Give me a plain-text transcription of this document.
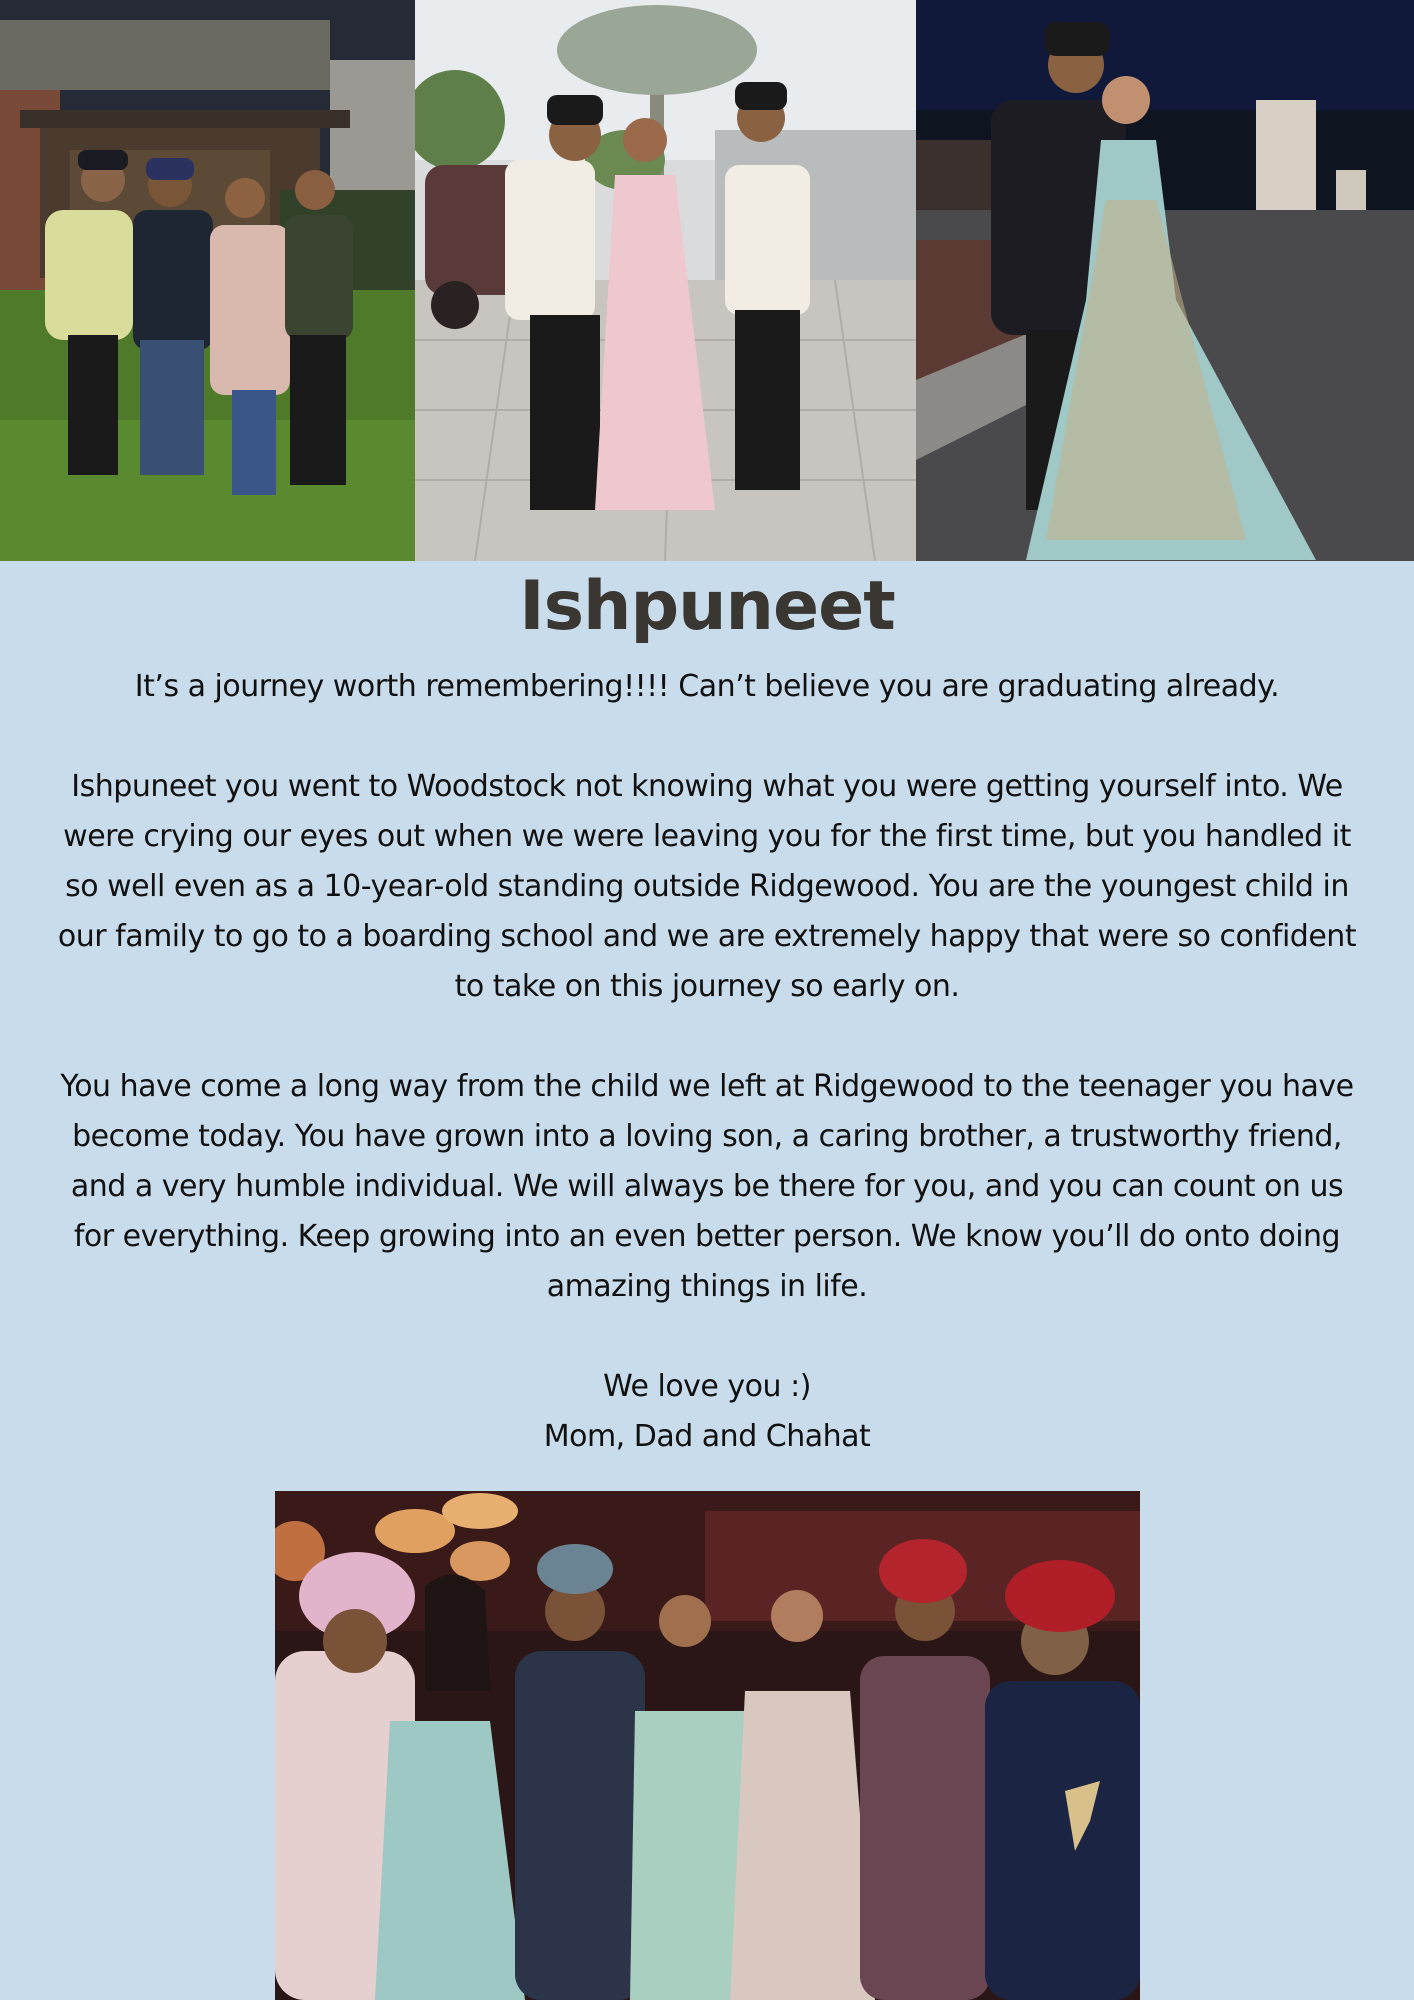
Ishpuneet

It’s a journey worth remembering!!!! Can’t believe you are graduating already.

Ishpuneet you went to Woodstock not knowing what you were getting yourself into. We were crying our eyes out when we were leaving you for the first time, but you handled it so well even as a 10-year-old standing outside Ridgewood. You are the youngest child in our family to go to a boarding school and we are extremely happy that were so confident to take on this journey so early on.

You have come a long way from the child we left at Ridgewood to the teenager you have become today. You have grown into a loving son, a caring brother, a trustworthy friend, and a very humble individual. We will always be there for you, and you can count on us for everything. Keep growing into an even better person. We know you’ll do onto doing amazing things in life.

We love you :)
Mom, Dad and Chahat
